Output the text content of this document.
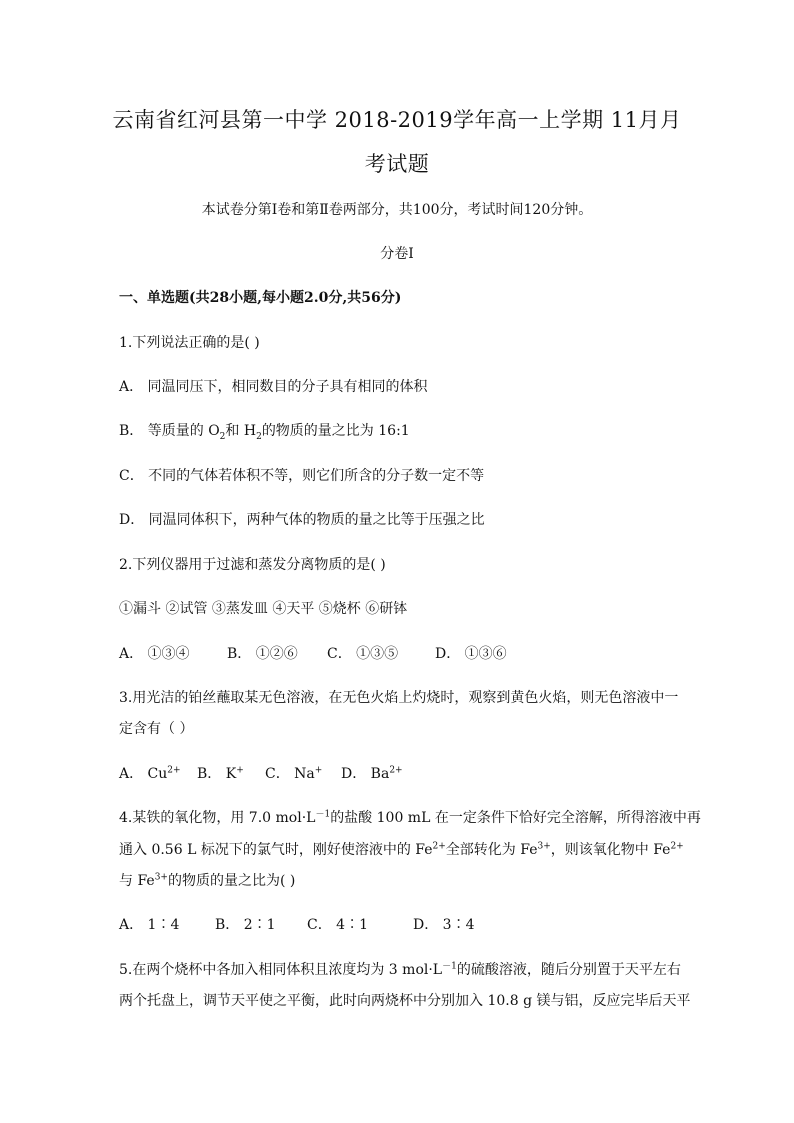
云南省红河县第一中学 2018-2019学年高一上学期 11月月
考试题
本试卷分第Ⅰ卷和第Ⅱ卷两部分，共100分，考试时间120分钟。
分卷I
一、单选题(共28小题,每小题2.0分,共56分)
1.下列说法正确的是( )
A． 同温同压下，相同数目的分子具有相同的体积
B． 等质量的 $O_2$和 $H_2$的物质的量之比为 16:1
C． 不同的气体若体积不等，则它们所含的分子数一定不等
D． 同温同体积下，两种气体的物质的量之比等于压强之比
2.下列仪器用于过滤和蒸发分离物质的是( )
①漏斗 ②试管 ③蒸发皿 ④天平 ⑤烧杯 ⑥研钵
A． ①③④	B． ①②⑥ C． ①③⑤	D． ①③⑥
3.用光洁的铂丝蘸取某无色溶液，在无色火焰上灼烧时，观察到黄色火焰，则无色溶液中一
定含有（ ）
A． $Cu^{2+}$ B． K+ C． Na+ D． $Ba^{2+}$
4.某铁的氧化物，用 7.0 $mol\cdot L^{-1}$的盐酸 100 mL 在一定条件下恰好完全溶解，所得溶液中再
通入 0.56 L 标况下的氯气时，刚好使溶液中的 $Fe^{2+}$全部转化为 $Fe^{3+}$，则该氧化物中 $Fe^{2+}$
与 $Fe^{3+}$的物质的量之比为( )
A． 1∶4	B． 2∶1 C． 4∶1	D． 3∶4
5.在两个烧杯中各加入相同体积且浓度均为 3 $mol\cdot L^{-1}$的硫酸溶液，随后分别置于天平左右
两个托盘上，调节天平使之平衡，此时向两烧杯中分别加入 10.8 g 镁与铝，反应完毕后天平
